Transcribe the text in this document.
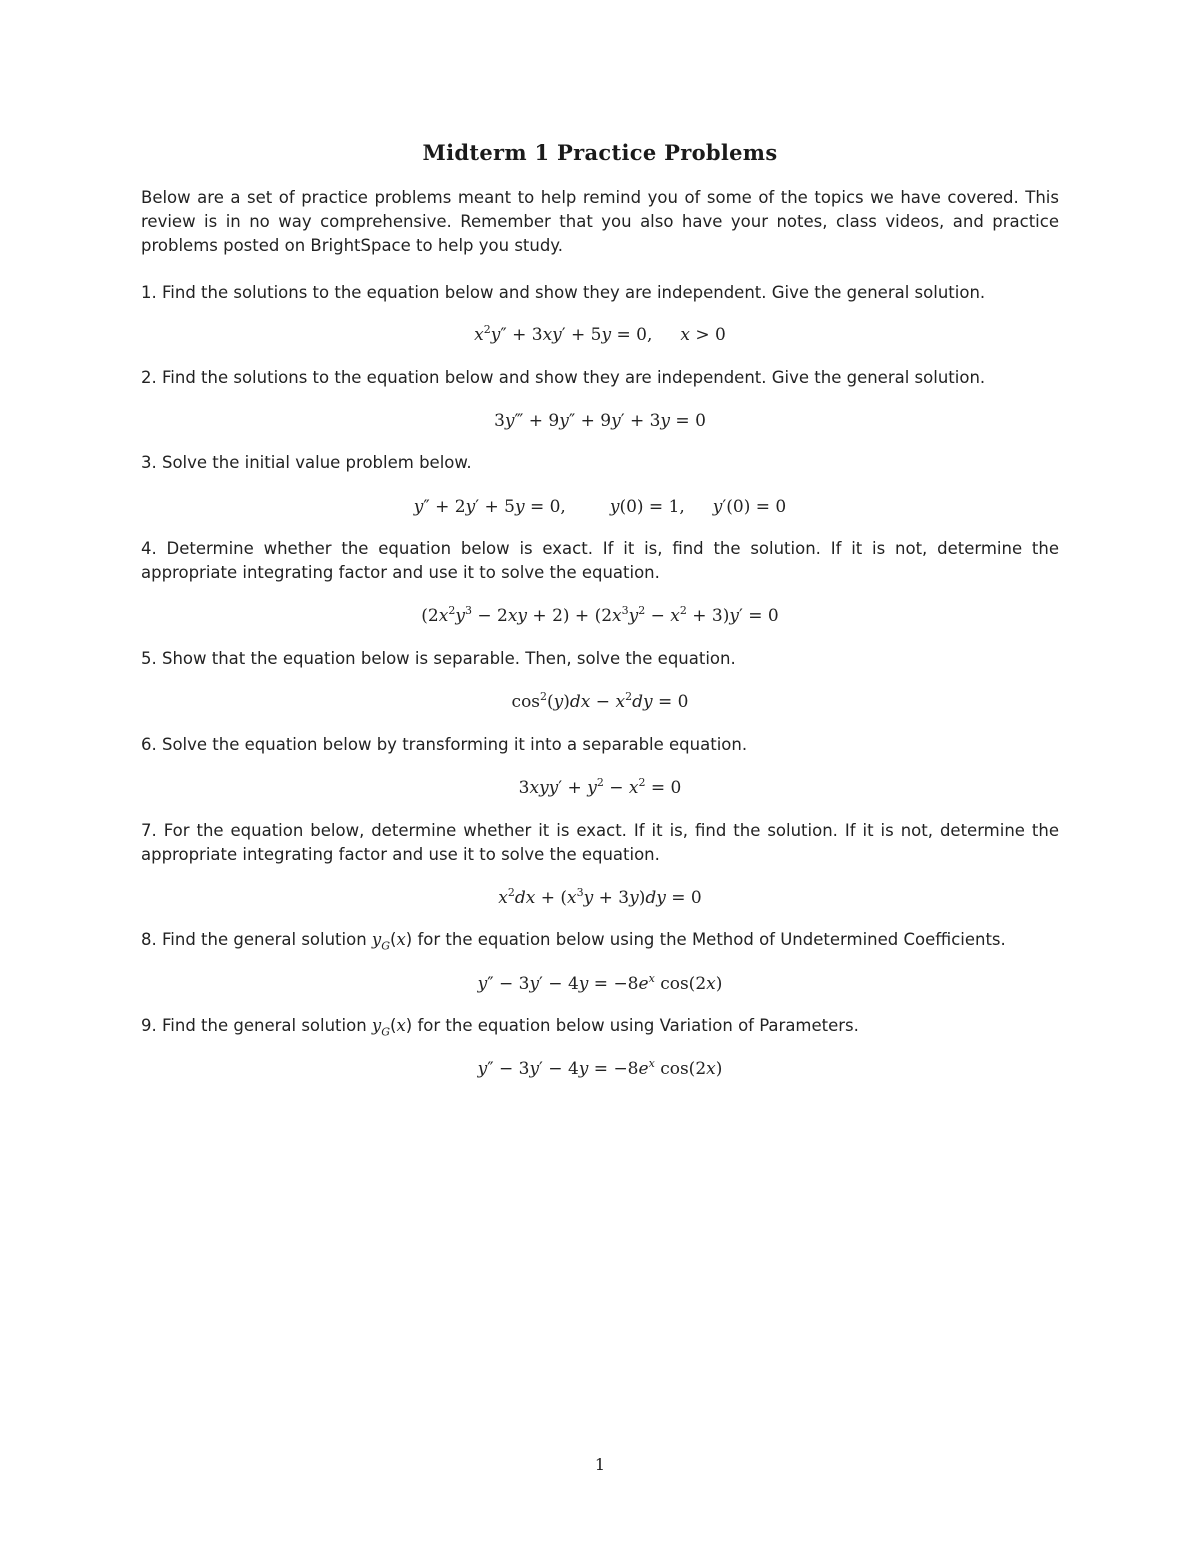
Midterm 1 Practice Problems
Below are a set of practice problems meant to help remind you of some of the topics we have covered. This review is in no way comprehensive. Remember that you also have your notes, class videos, and practice problems posted on BrightSpace to help you study.
1. Find the solutions to the equation below and show they are independent. Give the general solution.
$x^2y'' + 3xy' + 5y = 0$, x > 0
2. Find the solutions to the equation below and show they are independent. Give the general solution.
3y‴ + 9y″ + 9y′ + 3y = 0
3. Solve the initial value problem below.
y″ + 2y′ + 5y = 0,	y(0) = 1, y′(0) = 0
4. Determine whether the equation below is exact. If it is, find the solution. If it is not, determine the appropriate integrating factor and use it to solve the equation.
$(2x^2y^3 - 2xy + 2) + (2x^3y^2 - x^2 + 3)y' = 0$
5. Show that the equation below is separable. Then, solve the equation.
$\cos^2(y)dx - x^2dy = 0$
6. Solve the equation below by transforming it into a separable equation.
$3xyy' + y^2 - x^2 = 0$
7. For the equation below, determine whether it is exact. If it is, find the solution. If it is not, determine the appropriate integrating factor and use it to solve the equation.
$x^2dx + (x^3y + 3y)dy = 0$
8. Find the general solution $y_G(x)$ for the equation below using the Method of Undetermined Coefficients.
$y'' - 3y' - 4y = -8e^x$ cos(2x)
9. Find the general solution $y_G(x)$ for the equation below using Variation of Parameters.
$y'' - 3y' - 4y = -8e^x$ cos(2x)
1
